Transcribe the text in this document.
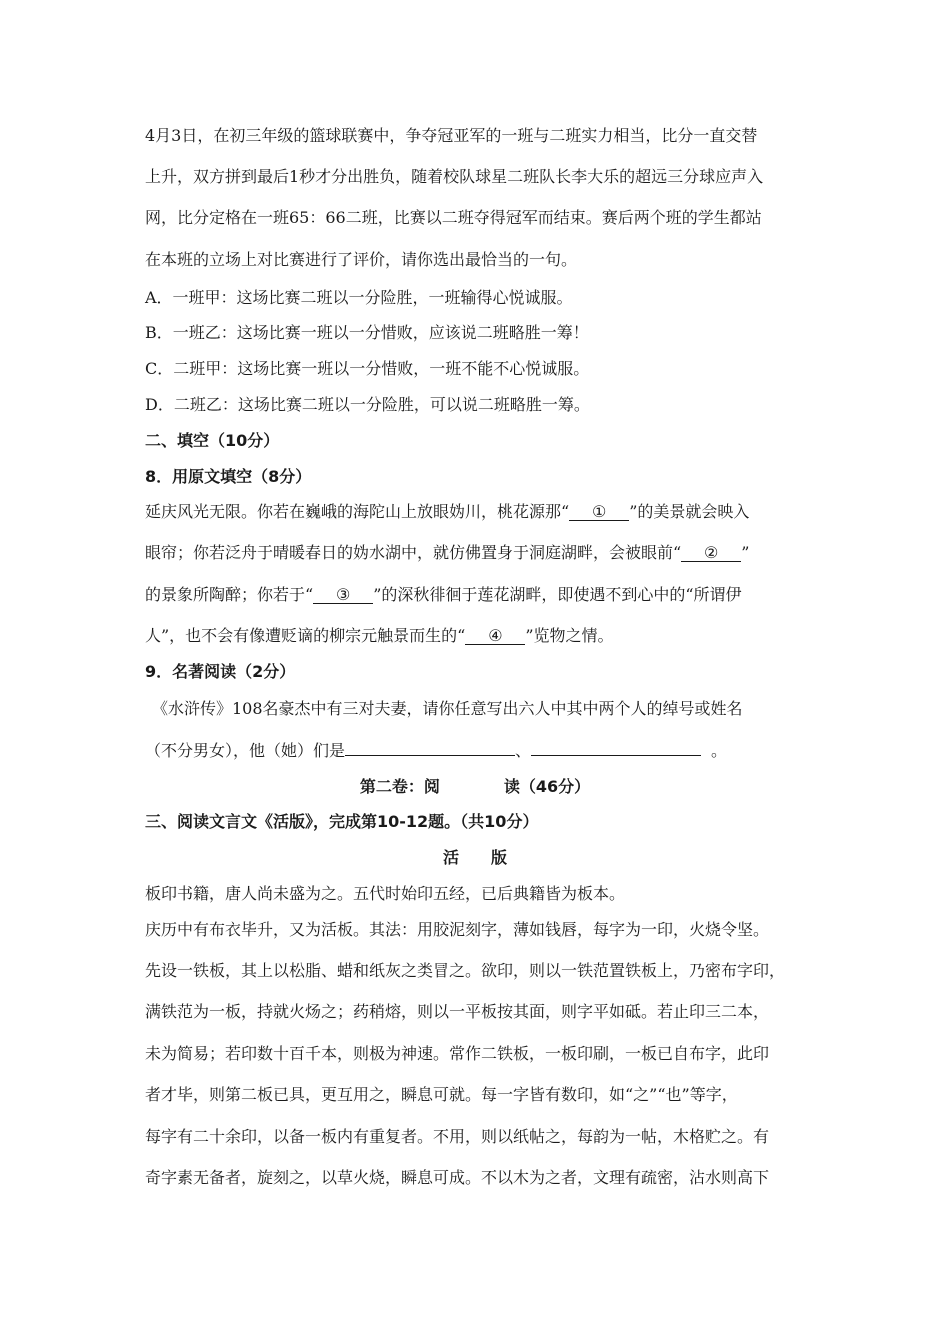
4月3日，在初三年级的篮球联赛中，争夺冠亚军的一班与二班实力相当，比分一直交替
上升，双方拼到最后1秒才分出胜负，随着校队球星二班队长李大乐的超远三分球应声入
网，比分定格在一班65：66二班，比赛以二班夺得冠军而结束。赛后两个班的学生都站
在本班的立场上对比赛进行了评价，请你选出最恰当的一句。
A．一班甲：这场比赛二班以一分险胜，一班输得心悦诚服。
B．一班乙：这场比赛一班以一分惜败，应该说二班略胜一筹！
C．二班甲：这场比赛一班以一分惜败，一班不能不心悦诚服。
D．二班乙：这场比赛二班以一分险胜，可以说二班略胜一筹。
二、填空（10分）
8．用原文填空（8分）
延庆风光无限。你若在巍峨的海陀山上放眼妫川，桃花源那“ ① ”的美景就会映入
眼帘；你若泛舟于晴暖春日的妫水湖中，就仿佛置身于洞庭湖畔，会被眼前“ ② ”
的景象所陶醉；你若于“ ③ ”的深秋徘徊于莲花湖畔，即使遇不到心中的“所谓伊
人”，也不会有像遭贬谪的柳宗元触景而生的“ ④ ”览物之情。
9．名著阅读（2分）
《水浒传》108名豪杰中有三对夫妻，请你任意写出六人中其中两个人的绰号或姓名
（不分男女），他（她）们是	、	。
第二卷：阅　　　　读（46分）
三、阅读文言文《活版》，完成第10-12题。（共10分）
活　　版
板印书籍，唐人尚未盛为之。五代时始印五经，已后典籍皆为板本。
庆历中有布衣毕升，又为活板。其法：用胶泥刻字，薄如钱唇，每字为一印，火烧令坚。
先设一铁板，其上以松脂、蜡和纸灰之类冒之。欲印，则以一铁范置铁板上，乃密布字印，
满铁范为一板，持就火炀之；药稍熔，则以一平板按其面，则字平如砥。若止印三二本，
未为简易；若印数十百千本，则极为神速。常作二铁板，一板印刷，一板已自布字，此印
者才毕，则第二板已具，更互用之，瞬息可就。每一字皆有数印，如“之”“也”等字，
每字有二十余印，以备一板内有重复者。不用，则以纸帖之，每韵为一帖，木格贮之。有
奇字素无备者，旋刻之，以草火烧，瞬息可成。不以木为之者，文理有疏密，沾水则高下
